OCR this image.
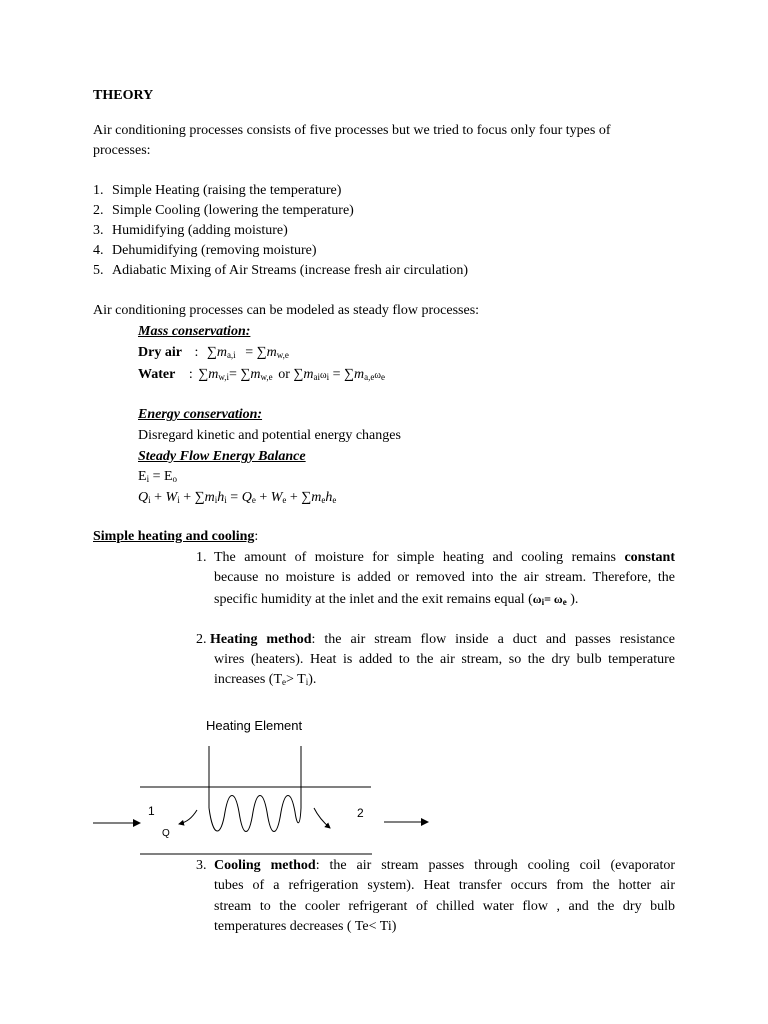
THEORY
Air conditioning processes consists of five processes but we tried to focus only four types of
processes:
1. Simple Heating (raising the temperature)
2. Simple Cooling (lowering the temperature)
3. Humidifying (adding moisture)
4. Dehumidifying (removing moisture)
5. Adiabatic Mixing of Air Streams (increase fresh air circulation)
Air conditioning processes can be modeled as steady flow processes:
Mass conservation:
Dry air : $\sum m_{a,i} = \sum m_{w,e}$
Water : $\sum m_{w,i}= \sum m_{w,e}$ or $\sum m_{ai}\omega_i = \sum m_{a,e}\omega_e$
Energy conservation:
Disregard kinetic and potential energy changes
Steady Flow Energy Balance
$E_i = E_o$
$Q_i + W_i + \sum m_ih_i = Q_e + W_e + \sum m_eh_e$
Simple heating and cooling:
1. The amount of moisture for simple heating and cooling remains constant
because no moisture is added or removed into the air stream. Therefore, the
specific humidity at the inlet and the exit remains equal ($\omega_i= \omega_e$ ).
2. Heating method: the air stream flow inside a duct and passes resistance
wires (heaters). Heat is added to the air stream, so the dry bulb temperature
increases $(T_e> T_i)$.
Heating Element
1	2
Q
3. Cooling method: the air stream passes through cooling coil (evaporator
tubes of a refrigeration system). Heat transfer occurs from the hotter air
stream to the cooler refrigerant of chilled water flow , and the dry bulb
temperatures decreases ( Te< Ti)
